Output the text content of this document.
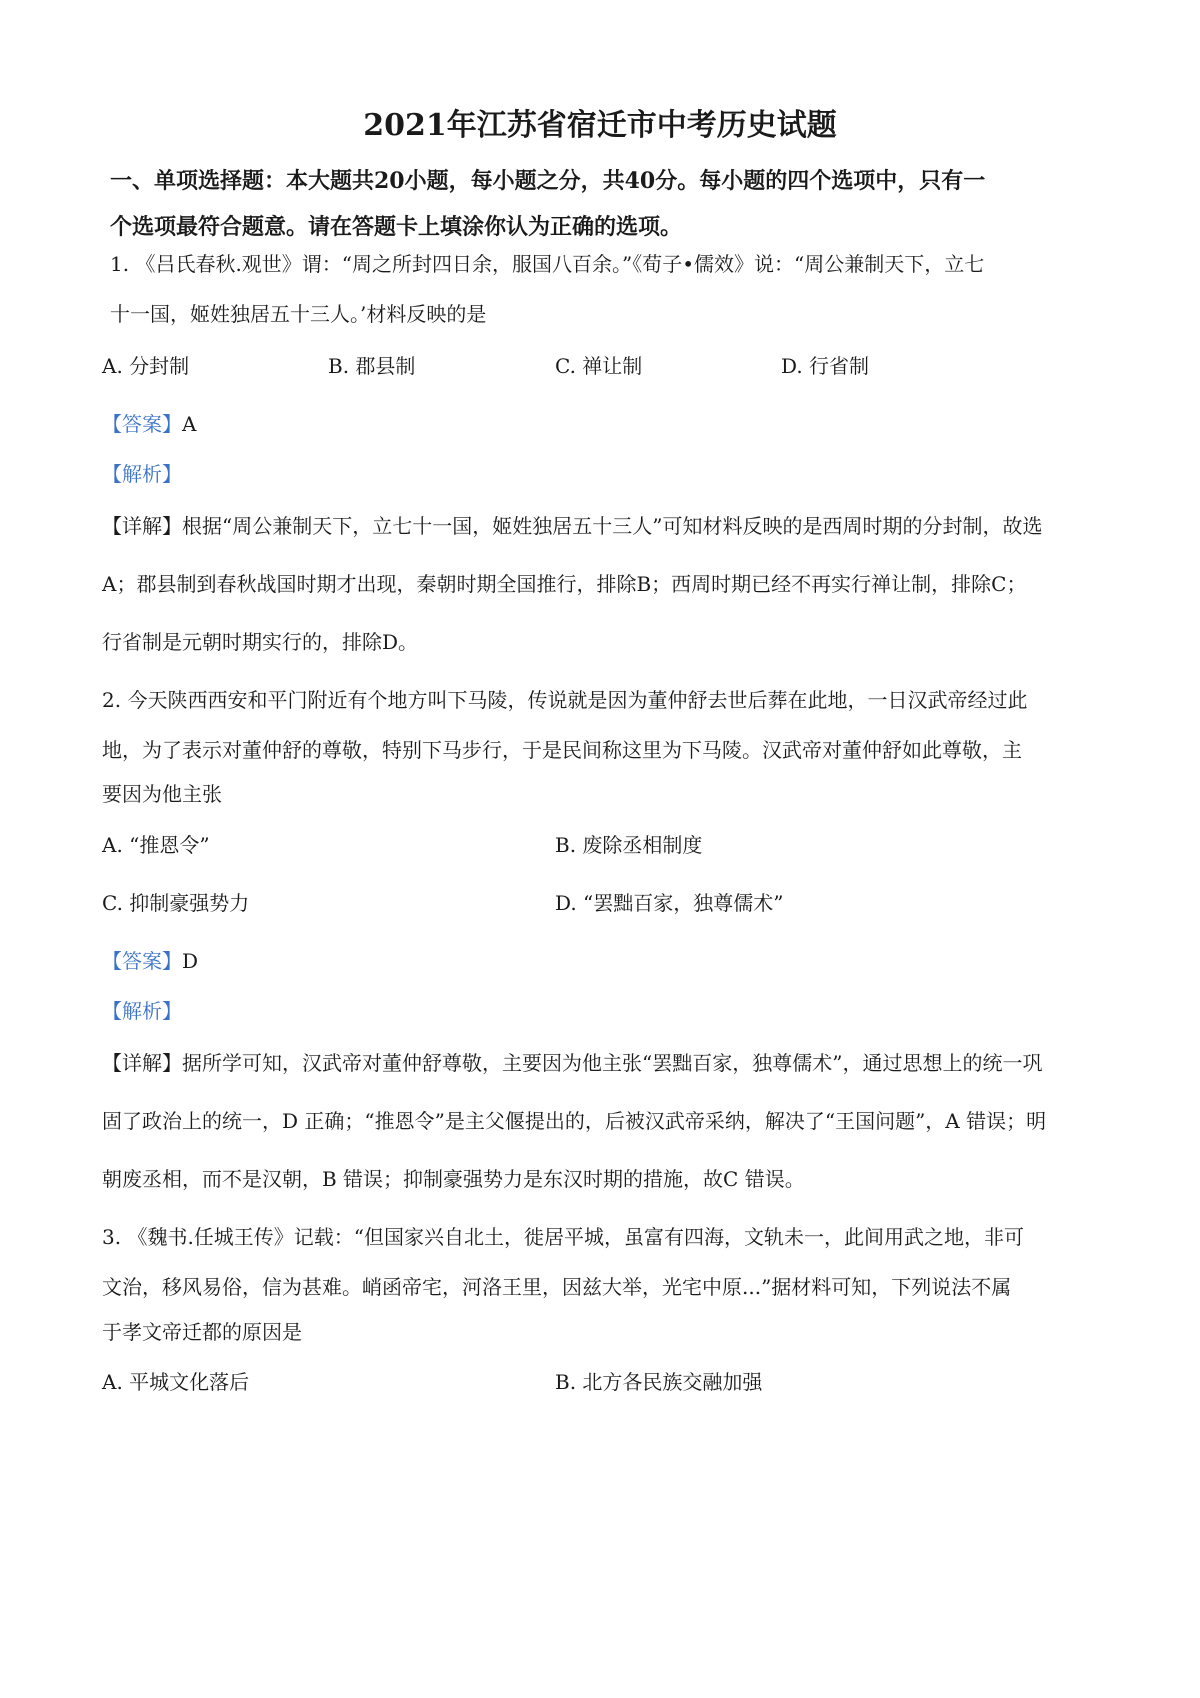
2021年江苏省宿迁市中考历史试题
一、单项选择题：本大题共20小题，每小题之分，共40分。每小题的四个选项中，只有一
个选项最符合题意。请在答题卡上填涂你认为正确的选项。
1. 《吕氏春秋.观世》谓：“周之所封四日余，服国八百余。”《荀子•儒效》说：“周公兼制天下，立七
十一国，姬姓独居五十三人。’材料反映的是
A. 分封制	B. 郡县制	C. 禅让制	D. 行省制
【答案】A
【解析】
【详解】根据“周公兼制天下，立七十一国，姬姓独居五十三人”可知材料反映的是西周时期的分封制，故选
A；郡县制到春秋战国时期才出现，秦朝时期全国推行，排除B；西周时期已经不再实行禅让制，排除C；
行省制是元朝时期实行的，排除D。
2. 今天陕西西安和平门附近有个地方叫下马陵，传说就是因为董仲舒去世后葬在此地，一日汉武帝经过此
地，为了表示对董仲舒的尊敬，特别下马步行，于是民间称这里为下马陵。汉武帝对董仲舒如此尊敬，主
要因为他主张
A. “推恩令”	B. 废除丞相制度
C. 抑制豪强势力	D. “罢黜百家，独尊儒术”
【答案】D
【解析】
【详解】据所学可知，汉武帝对董仲舒尊敬，主要因为他主张“罢黜百家，独尊儒术”，通过思想上的统一巩
固了政治上的统一，D 正确；“推恩令”是主父偃提出的，后被汉武帝采纳，解决了“王国问题”，A 错误；明
朝废丞相，而不是汉朝，B 错误；抑制豪强势力是东汉时期的措施，故C 错误。
3. 《魏书.任城王传》记载：“但国家兴自北土，徙居平城，虽富有四海，文轨未一，此间用武之地，非可
文治，移风易俗，信为甚难。峭函帝宅，河洛王里，因兹大举，光宅中原...”据材料可知，下列说法不属
于孝文帝迁都的原因是
A. 平城文化落后	B. 北方各民族交融加强
